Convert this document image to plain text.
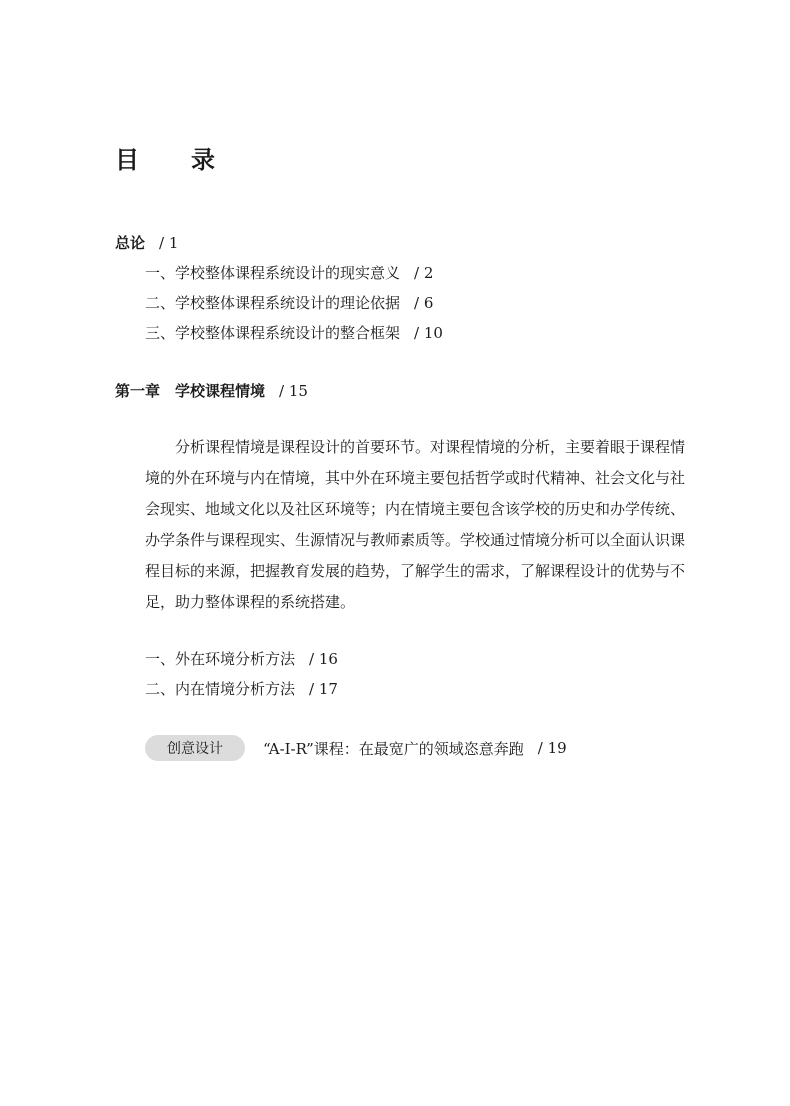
目　录
总论 / 1
一、学校整体课程系统设计的现实意义 / 2
二、学校整体课程系统设计的理论依据 / 6
三、学校整体课程系统设计的整合框架 / 10
第一章　学校课程情境 / 15
分析课程情境是课程设计的首要环节。对课程情境的分析，主要着眼于课程情境的外在环境与内在情境，其中外在环境主要包括哲学或时代精神、社会文化与社会现实、地域文化以及社区环境等；内在情境主要包含该学校的历史和办学传统、办学条件与课程现实、生源情况与教师素质等。学校通过情境分析可以全面认识课程目标的来源，把握教育发展的趋势，了解学生的需求，了解课程设计的优势与不足，助力整体课程的系统搭建。
一、外在环境分析方法 / 16
二、内在情境分析方法 / 17
创意设计	“A-I-R”课程：在最宽广的领域恣意奔跑 / 19
